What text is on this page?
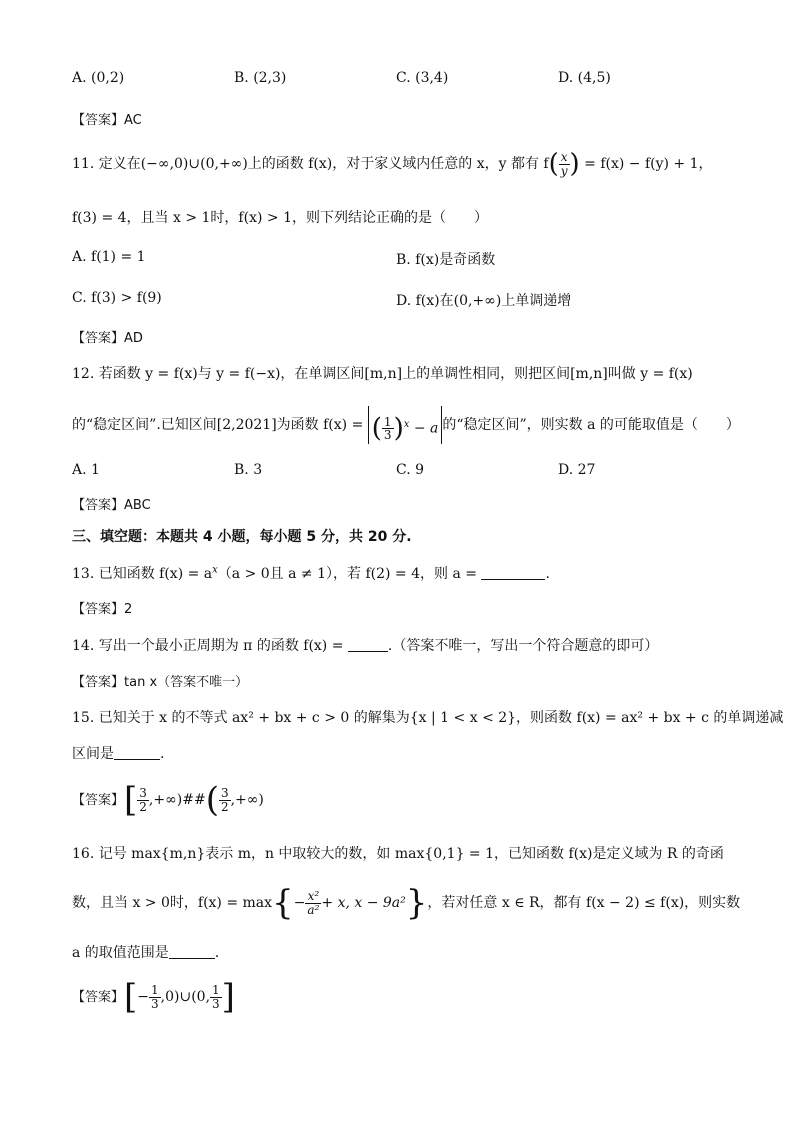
A. (0,2)	B. (2,3)	C. (3,4)	D. (4,5)
【答案】AC
11. 定义在(−∞,0)∪(0,+∞)上的函数 f(x)，对于家义域内任意的 x，y 都有 $f( \frac{x}{y}$ ) = f(x) − f(y) + 1，
f(3) = 4，且当 x > 1时，f(x) > 1，则下列结论正确的是（　　）
A. f(1) = 1	B. f(x)是奇函数
C. f(3) > f(9)	D. f(x)在(0,+∞)上单调递增
【答案】AD
12. 若函数 y = f(x)与 y = f(−x)，在单调区间[m,n]上的单调性相同，则把区间[m,n]叫做 y = f(x)
的“稳定区间”.已知区间[2,2021]为函数 f(x) = ( $\frac{1}{3} )^x - a$ 的“稳定区间”，则实数 a 的可能取值是（　　）
A. 1	B. 3	C. 9	D. 27
【答案】ABC
三、填空题：本题共 4 小题，每小题 5 分，共 20 分.
13. 已知函数 $f(x) = a^x(a > 0$且 a ≠ 1），若 f(2) = 4，则 a =	.
【答案】2
14. 写出一个最小正周期为 π 的函数 f(x) =	.（答案不唯一，写出一个符合题意的即可）
【答案】tan x（答案不唯一）
15. 已知关于 x 的不等式 ax² + bx + c > 0 的解集为{x | 1 < x < 2}，则函数 f(x) = ax² + bx + c 的单调递减
区间是	.
【答案】[ $\frac{3}{2}$ ,+∞)##( $\frac{3}{2}$ ,+∞)
16. 记号 max{m,n}表示 m，n 中取较大的数，如 max{0,1} = 1，已知函数 f(x)是定义域为 R 的奇函
数，且当 x > 0时，$f(x) = \max\{- \frac{\text{x²}}{\text{a²}} + x$, x − 9a²}，若对任意 x ∈ R，都有 f(x − 2) ≤ f(x)，则实数
a 的取值范围是	.
【答案】[− $\frac{1}{3}$ ,0)∪(0, $\frac{1}{3}$ ]
